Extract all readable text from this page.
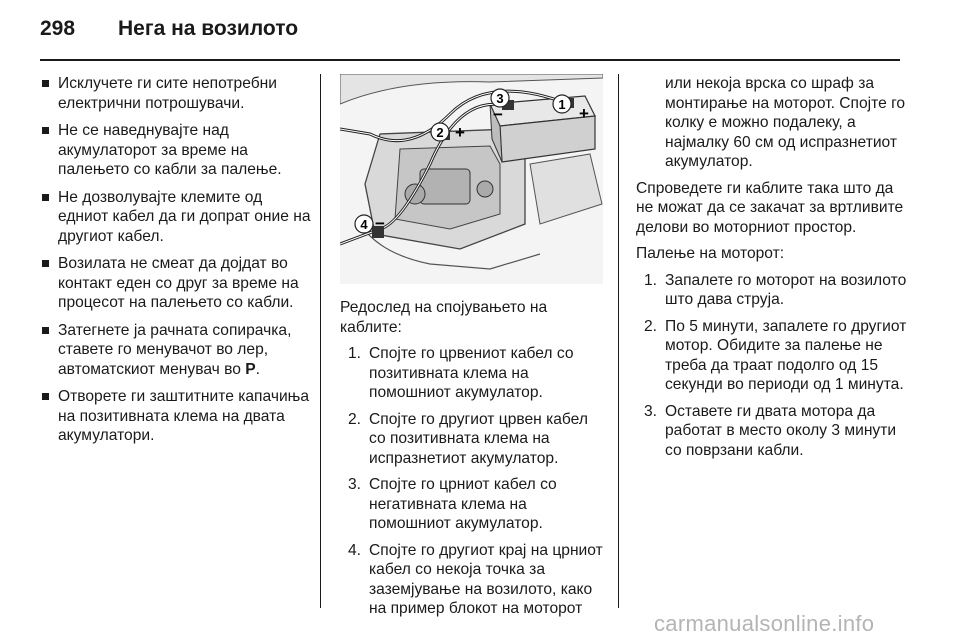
298 Нега на возилото
Исклучете ги сите непотребни електрични потрошувачи.
Не се наведнувајте над акумулаторот за време на палењето со кабли за палење.
Не дозволувајте клемите од едниот кабел да ги допрат оние на другиот кабел.
Возилата не смеат да дојдат во контакт еден со друг за време на процесот на палењето со кабли.
Затегнете ја рачната сопирачка, ставете го менувачот во лер, автоматскиот менувач во P.
Отворете ги заштитните капачиња на позитивната клема на двата акумулатори.
1 +
2 +
3
−
4 −

Редослед на спојувањето на каблите:

1. Спојте го црвениот кабел со позитивната клема на помошниот акумулатор.
2. Спојте го другиот црвен кабел со позитивната клема на испразнетиот акумулатор.
3. Спојте го црниот кабел со негативната клема на помошниот акумулатор.
4. Спојте го другиот крај на црниот кабел со некоја точка за заземјување на возилото, како на пример блокот на моторот

или некоја врска со шраф за монтирање на моторот. Спојте го колку е можно подалеку, а најмалку 60 см од испразнетиот акумулатор.

Спроведете ги каблите така што да не можат да се закачат за вртливите делови во моторниот простор.

Палење на моторот:

1. Запалете го моторот на возилото што дава струја.
2. По 5 минути, запалете го другиот мотор. Обидите за палење не треба да траат подолго од 15 секунди во периоди од 1 минута.
3. Оставете ги двата мотора да работат в место околу 3 минути со поврзани кабли.
carmanualsonline.info
